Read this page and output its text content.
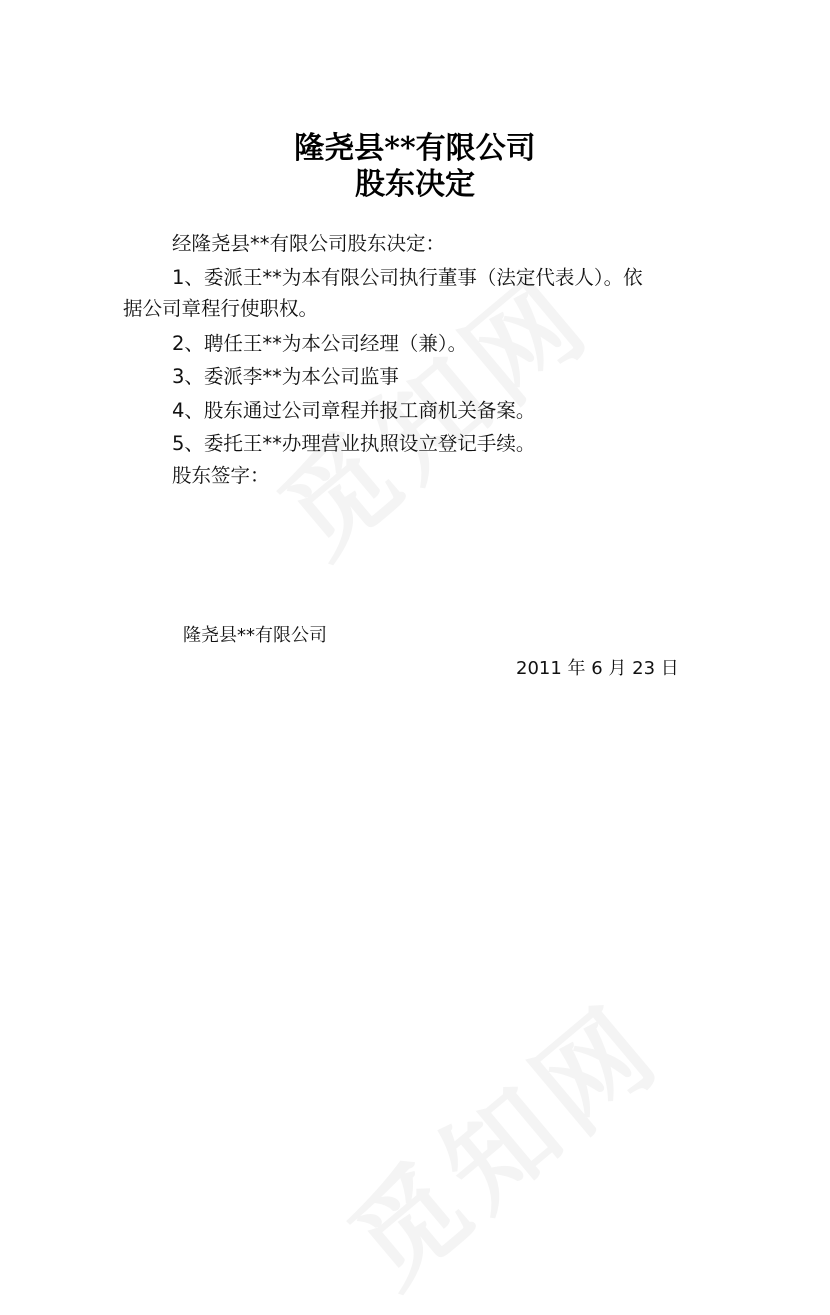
隆尧县**有限公司
股东决定
经隆尧县**有限公司股东决定：
1、委派王**为本有限公司执行董事（法定代表人）。依
据公司章程行使职权。
2、聘任王**为本公司经理（兼）。
3、委派李**为本公司监事
4、股东通过公司章程并报工商机关备案。
5、委托王**办理营业执照设立登记手续。
股东签字：
隆尧县**有限公司
2011 年 6 月 23 日
